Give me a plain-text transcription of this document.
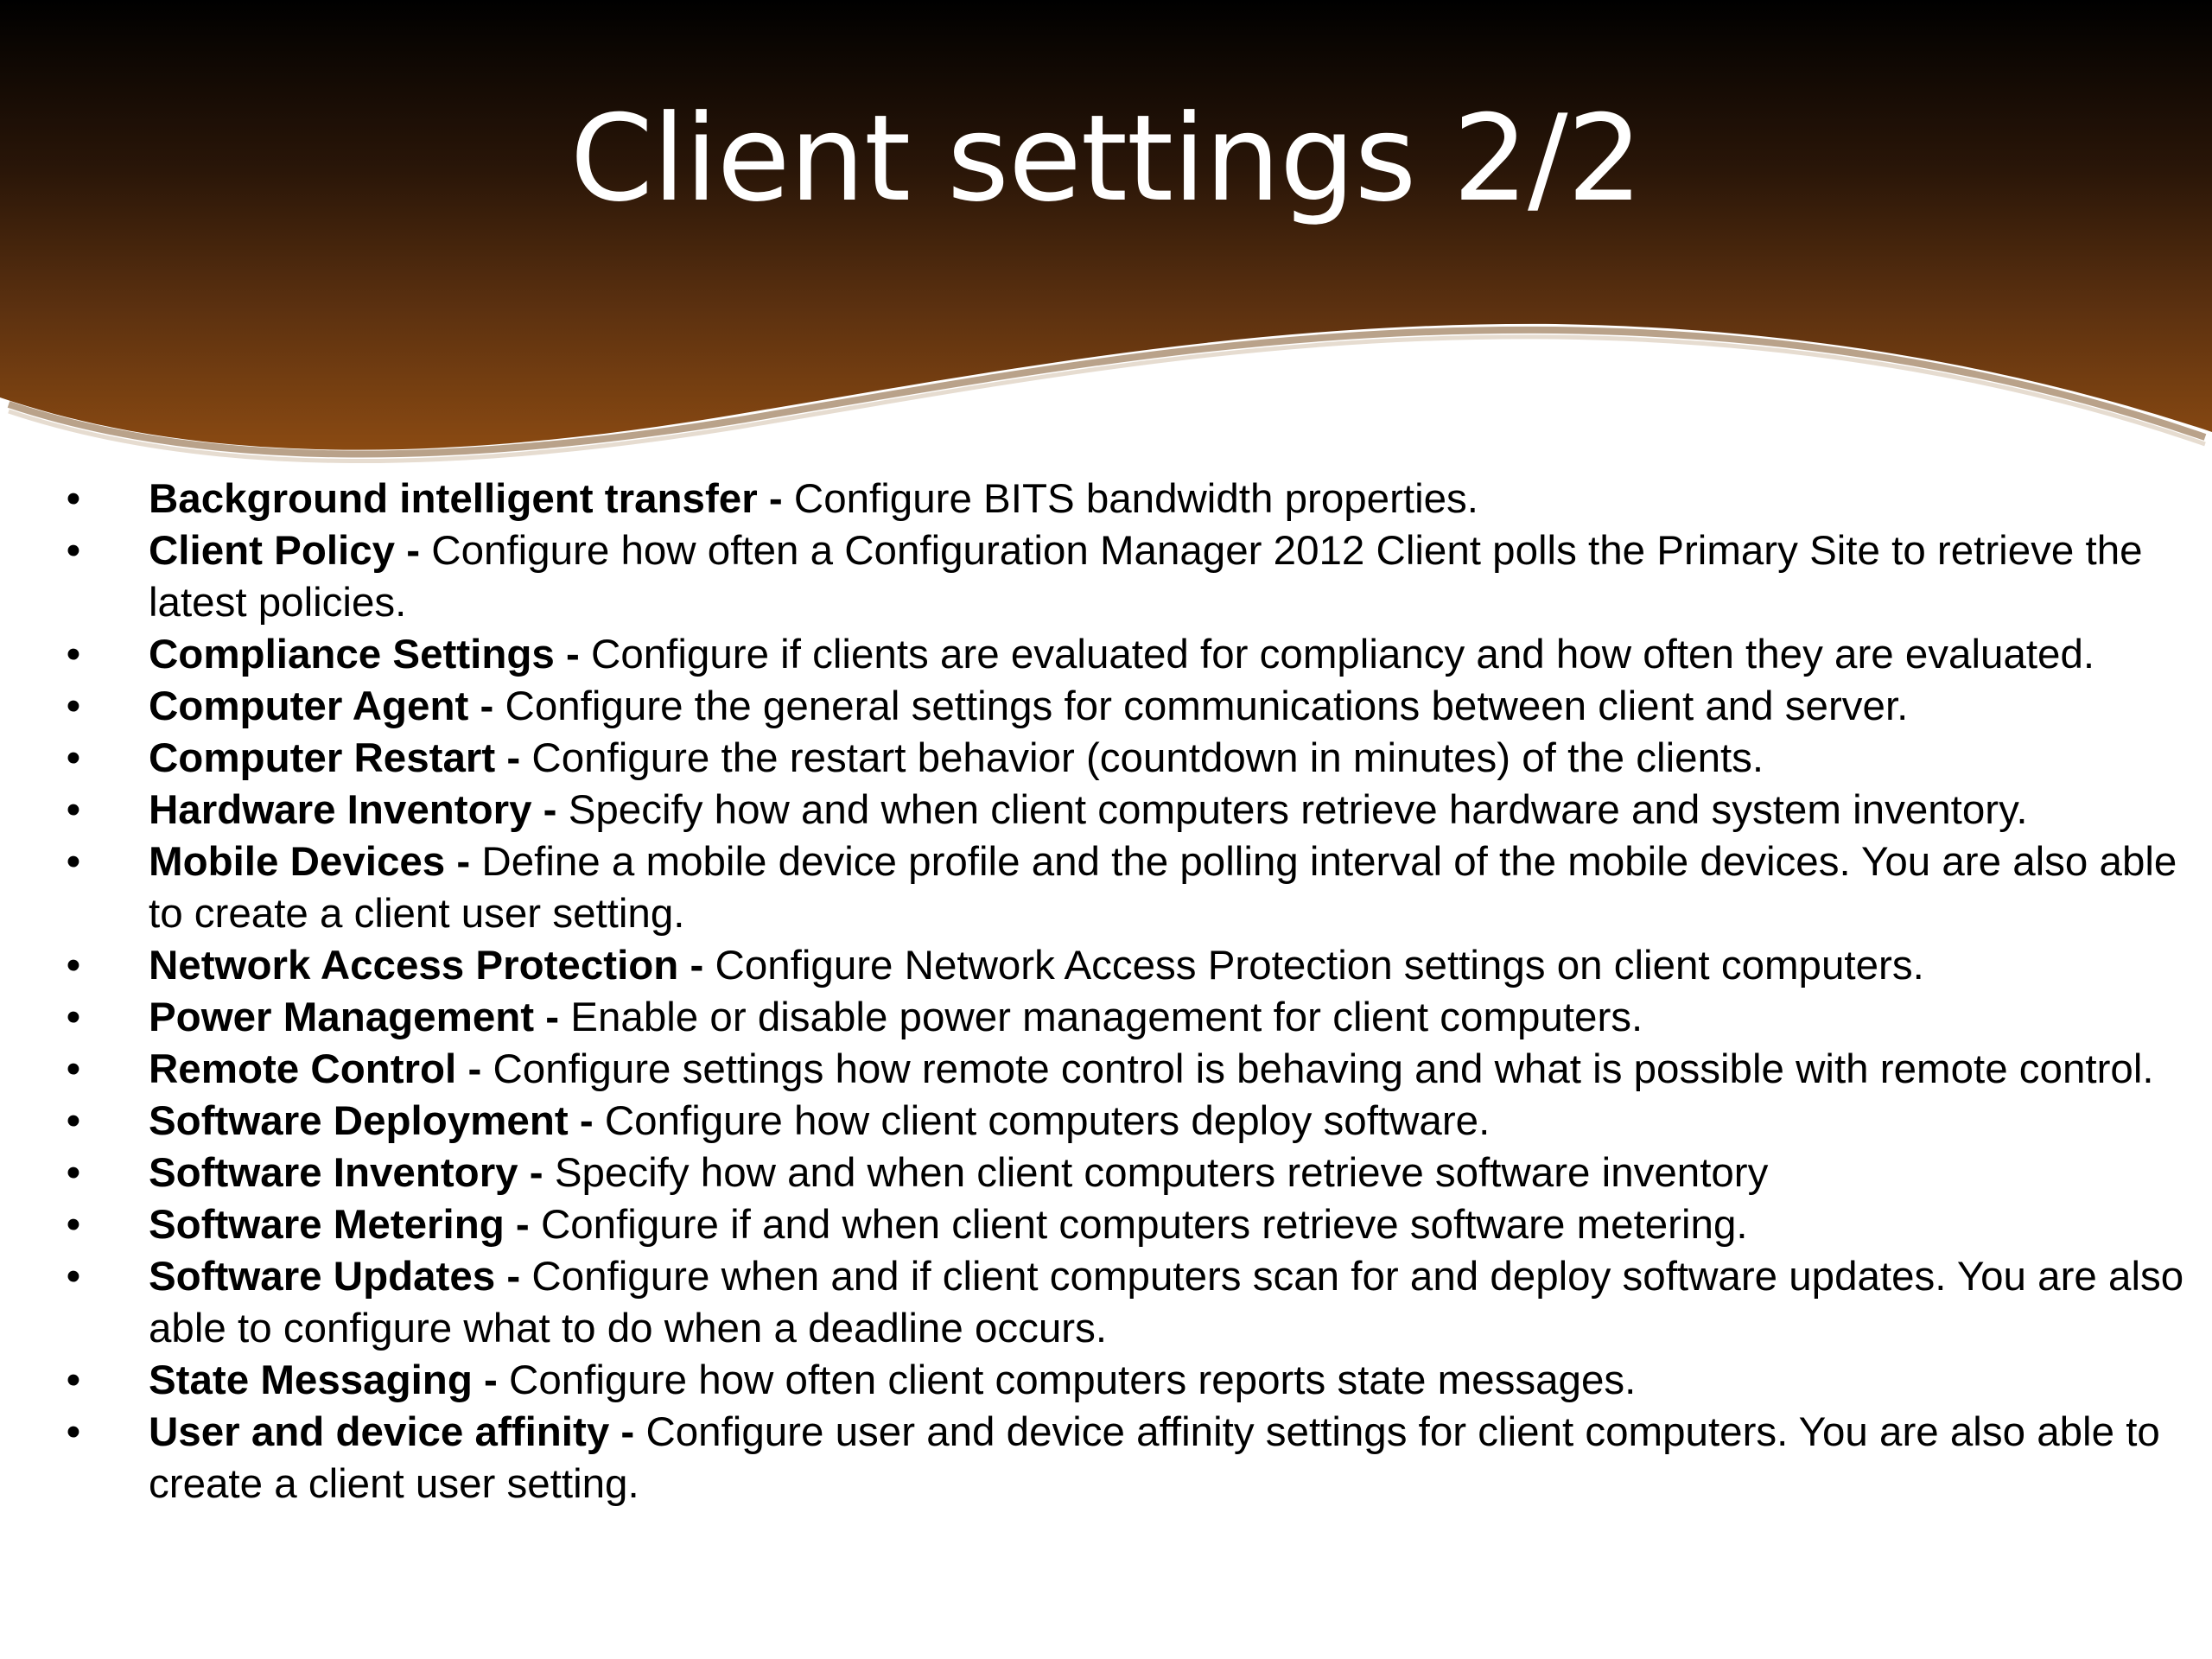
Client settings 2/2
• Background intelligent transfer - Configure BITS bandwidth properties.
• Client Policy - Configure how often a Configuration Manager 2012 Client polls the Primary Site to retrieve the latest policies.
• Compliance Settings - Configure if clients are evaluated for compliancy and how often they are evaluated.
• Computer Agent - Configure the general settings for communications between client and server.
• Computer Restart - Configure the restart behavior (countdown in minutes) of the clients.
• Hardware Inventory - Specify how and when client computers retrieve hardware and system inventory.
• Mobile Devices - Define a mobile device profile and the polling interval of the mobile devices. You are also able to create a client user setting.
• Network Access Protection - Configure Network Access Protection settings on client computers.
• Power Management - Enable or disable power management for client computers.
• Remote Control - Configure settings how remote control is behaving and what is possible with remote control.
• Software Deployment - Configure how client computers deploy software.
• Software Inventory - Specify how and when client computers retrieve software inventory
• Software Metering - Configure if and when client computers retrieve software metering.
• Software Updates - Configure when and if client computers scan for and deploy software updates. You are also able to configure what to do when a deadline occurs.
• State Messaging - Configure how often client computers reports state messages.
• User and device affinity - Configure user and device affinity settings for client computers. You are also able to create a client user setting.
